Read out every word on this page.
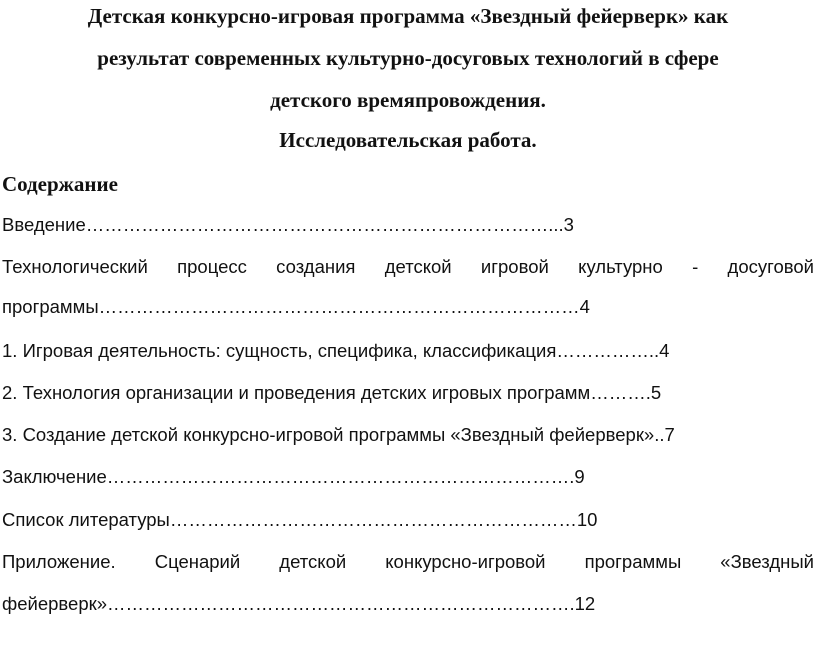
Детская конкурсно-игровая программа «Звездный фейерверк» как
результат современных культурно-досуговых технологий в сфере
детского времяпровождения.
Исследовательская работа.
Содержание
Введение…………………………………………………………………...3
Технологический процесс создания детской игровой культурно - досуговой
программы……………………………………………………………………4
1. Игровая деятельность: сущность, специфика, классификация……………..4
2. Технология организации и проведения детских игровых программ……….5
3. Создание детской конкурсно-игровой программы «Звездный фейерверк»..7
Заключение………………………………………………………………….9
Список литературы…………………………………………………………10
Приложение. Сценарий детской конкурсно-игровой программы «Звездный
фейерверк»………………………………………………………………….12
